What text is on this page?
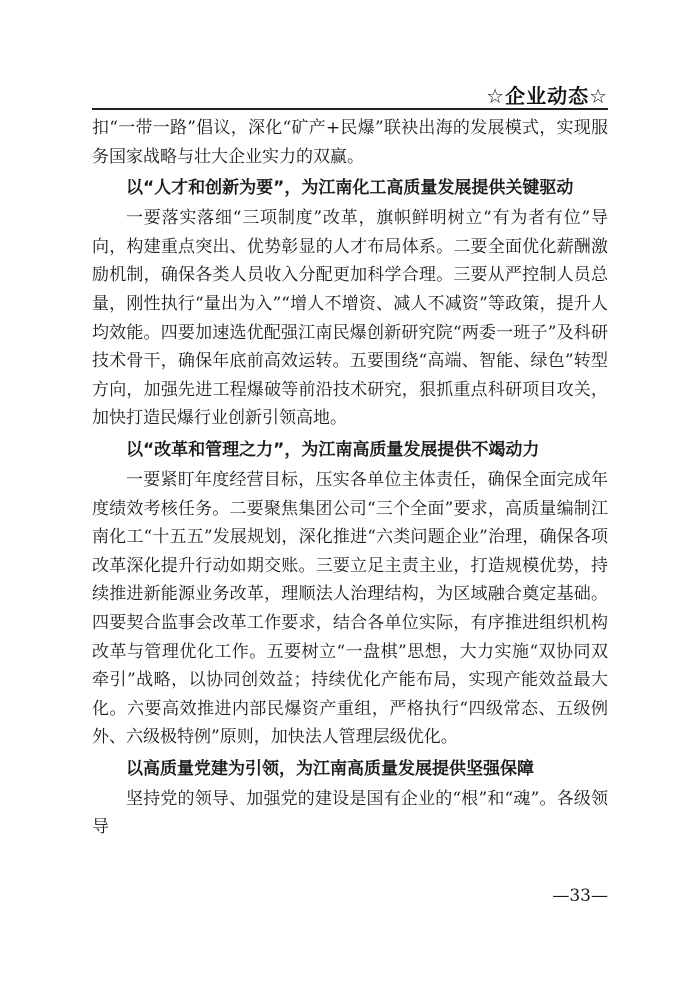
☆企业动态☆

扣“一带一路”倡议，深化“矿产+民爆”联袂出海的发展模式，实现服务国家战略与壮大企业实力的双赢。

以“人才和创新为要”，为江南化工高质量发展提供关键驱动

一要落实落细“三项制度”改革，旗帜鲜明树立“有为者有位”导向，构建重点突出、优势彰显的人才布局体系。二要全面优化薪酬激励机制，确保各类人员收入分配更加科学合理。三要从严控制人员总量，刚性执行“量出为入”“增人不增资、减人不减资”等政策，提升人均效能。四要加速选优配强江南民爆创新研究院“两委一班子”及科研技术骨干，确保年底前高效运转。五要围绕“高端、智能、绿色”转型方向，加强先进工程爆破等前沿技术研究，狠抓重点科研项目攻关，加快打造民爆行业创新引领高地。

以“改革和管理之力”，为江南高质量发展提供不竭动力

一要紧盯年度经营目标，压实各单位主体责任，确保全面完成年度绩效考核任务。二要聚焦集团公司“三个全面”要求，高质量编制江南化工“十五五”发展规划，深化推进“六类问题企业”治理，确保各项改革深化提升行动如期交账。三要立足主责主业，打造规模优势，持续推进新能源业务改革，理顺法人治理结构，为区域融合奠定基础。四要契合监事会改革工作要求，结合各单位实际，有序推进组织机构改革与管理优化工作。五要树立“一盘棋”思想，大力实施“双协同双牵引”战略，以协同创效益；持续优化产能布局，实现产能效益最大化。六要高效推进内部民爆资产重组，严格执行“四级常态、五级例外、六级极特例”原则，加快法人管理层级优化。

以高质量党建为引领，为江南高质量发展提供坚强保障

坚持党的领导、加强党的建设是国有企业的“根”和“魂”。各级领导

—33—
